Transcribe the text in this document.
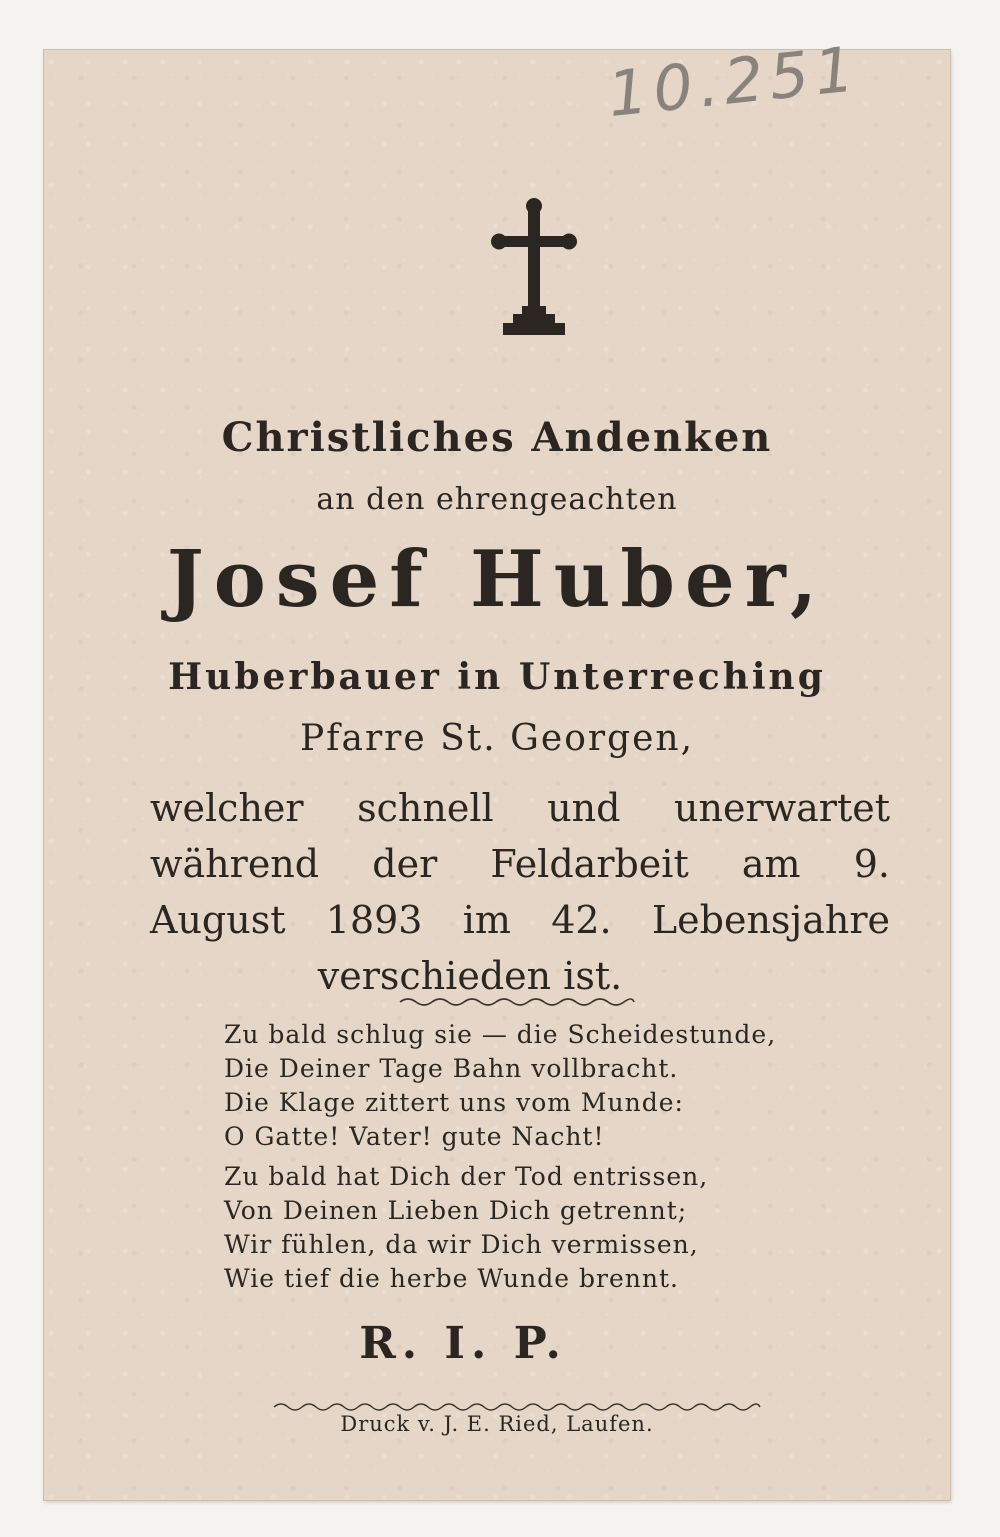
10.251
Christliches Andenken
an den ehrengeachten
Josef Huber,
Huberbauer in Unterreching
Pfarre St. Georgen,
welcher schnell und unerwartet
während der Feldarbeit am 9.
August 1893 im 42. Lebensjahre
verschieden ist.
Zu bald schlug sie — die Scheidestunde,
Die Deiner Tage Bahn vollbracht.
Die Klage zittert uns vom Munde:
O Gatte! Vater! gute Nacht!
Zu bald hat Dich der Tod entrissen,
Von Deinen Lieben Dich getrennt;
Wir fühlen, da wir Dich vermissen,
Wie tief die herbe Wunde brennt.
R. I. P.
Druck v. J. E. Ried, Laufen.
